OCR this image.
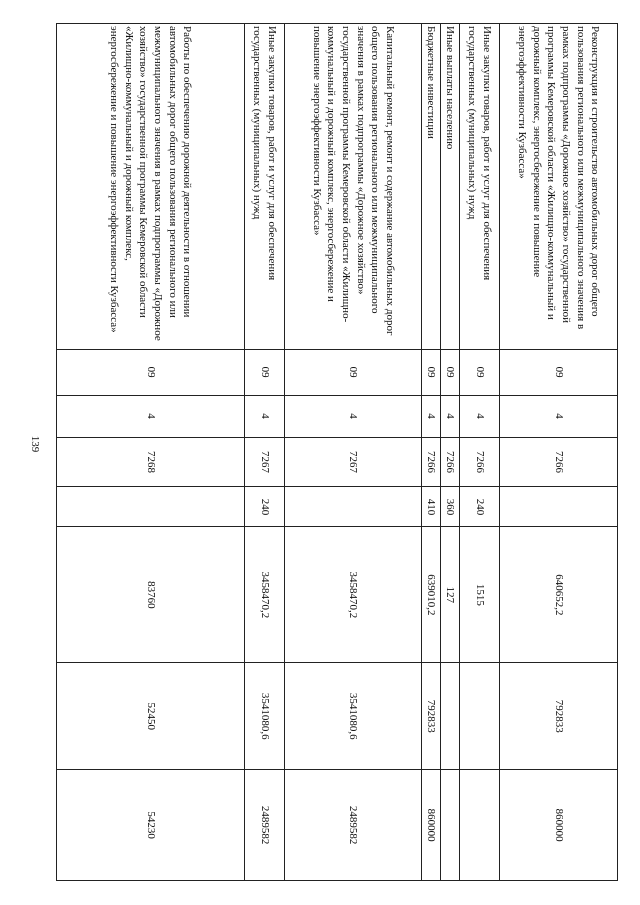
139
Реконструкция и строительство автомобильных дорог общего пользования регионального или межмуниципального значения в рамках подпрограммы «Дорожное хозяйство» государственной программы Кемеровской области «Жилищно-коммунальный и дорожный комплекс, энергосбережение и повышение энергоэффективности Кузбасса»
09
4
7266
640652,2
792833
860000
Иные закупки товаров, работ и услуг для обеспечения государственных (муниципальных) нужд
09
4
7266
240
1515
Иные выплаты населению
09
4
7266
360
127
Бюджетные инвестиции
09
4
7266
410
639010,2
792833
860000
Капитальный ремонт, ремонт и содержание автомобильных дорог общего пользования регионального или межмуниципального значения в рамках подпрограммы «Дорожное хозяйство» государственной программы Кемеровской области «Жилищно-коммунальный и дорожный комплекс, энергосбережение и повышение энергоэффективности Кузбасса»
09
4
7267
3458470,2
3541080,6
2489582
Иные закупки товаров, работ и услуг для обеспечения государственных (муниципальных) нужд
09
4
7267
240
3458470,2
3541080,6
2489582
Работы по обеспечению дорожной деятельности в отношении автомобильных дорог общего пользования регионального или межмуниципального значения в рамках подпрограммы «Дорожное хозяйство» государственной программы Кемеровской области «Жилищно-коммунальный и дорожный комплекс, энергосбережение и повышение энергоэффективности Кузбасса»
09
4
7268
83760
52450
54230
